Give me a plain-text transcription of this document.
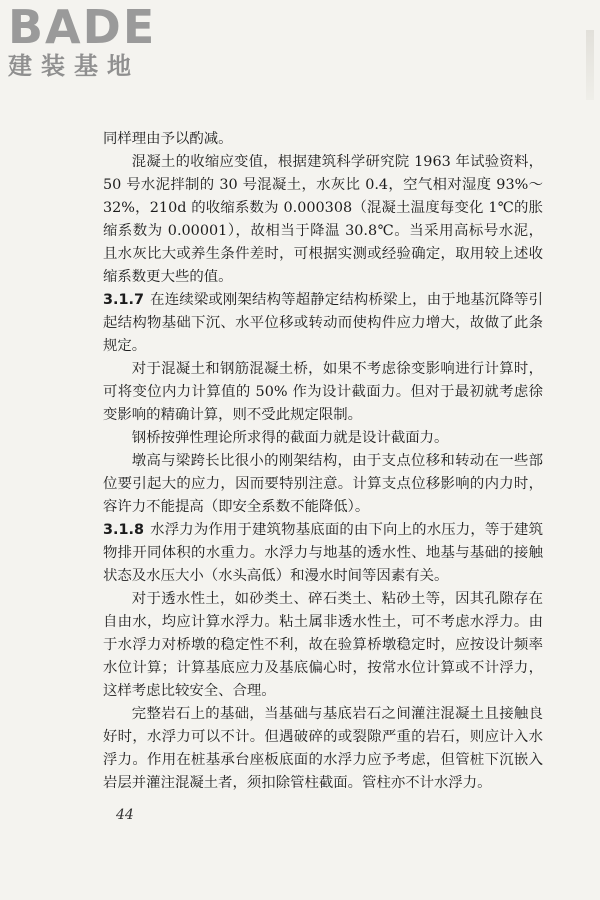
BADE
建装基地

同样理由予以酌减。

混凝土的收缩应变值，根据建筑科学研究院 1963 年试验资料，50 号水泥拌制的 30 号混凝土，水灰比 0.4，空气相对湿度 93%～32%，210d 的收缩系数为 0.000308（混凝土温度每变化 1℃的胀缩系数为 0.00001），故相当于降温 30.8℃。当采用高标号水泥，且水灰比大或养生条件差时，可根据实测或经验确定，取用较上述收缩系数更大些的值。

3.1.7 在连续梁或刚架结构等超静定结构桥梁上，由于地基沉降等引起结构物基础下沉、水平位移或转动而使构件应力增大，故做了此条规定。

对于混凝土和钢筋混凝土桥，如果不考虑徐变影响进行计算时，可将变位内力计算值的 50% 作为设计截面力。但对于最初就考虑徐变影响的精确计算，则不受此规定限制。

钢桥按弹性理论所求得的截面力就是设计截面力。

墩高与梁跨长比很小的刚架结构，由于支点位移和转动在一些部位要引起大的应力，因而要特别注意。计算支点位移影响的内力时，容许力不能提高（即安全系数不能降低）。

3.1.8 水浮力为作用于建筑物基底面的由下向上的水压力，等于建筑物排开同体积的水重力。水浮力与地基的透水性、地基与基础的接触状态及水压大小（水头高低）和漫水时间等因素有关。

对于透水性土，如砂类土、碎石类土、粘砂土等，因其孔隙存在自由水，均应计算水浮力。粘土属非透水性土，可不考虑水浮力。由于水浮力对桥墩的稳定性不利，故在验算桥墩稳定时，应按设计频率水位计算；计算基底应力及基底偏心时，按常水位计算或不计浮力，这样考虑比较安全、合理。

完整岩石上的基础，当基础与基底岩石之间灌注混凝土且接触良好时，水浮力可以不计。但遇破碎的或裂隙严重的岩石，则应计入水浮力。作用在桩基承台座板底面的水浮力应予考虑，但管桩下沉嵌入岩层并灌注混凝土者，须扣除管柱截面。管柱亦不计水浮力。

44
